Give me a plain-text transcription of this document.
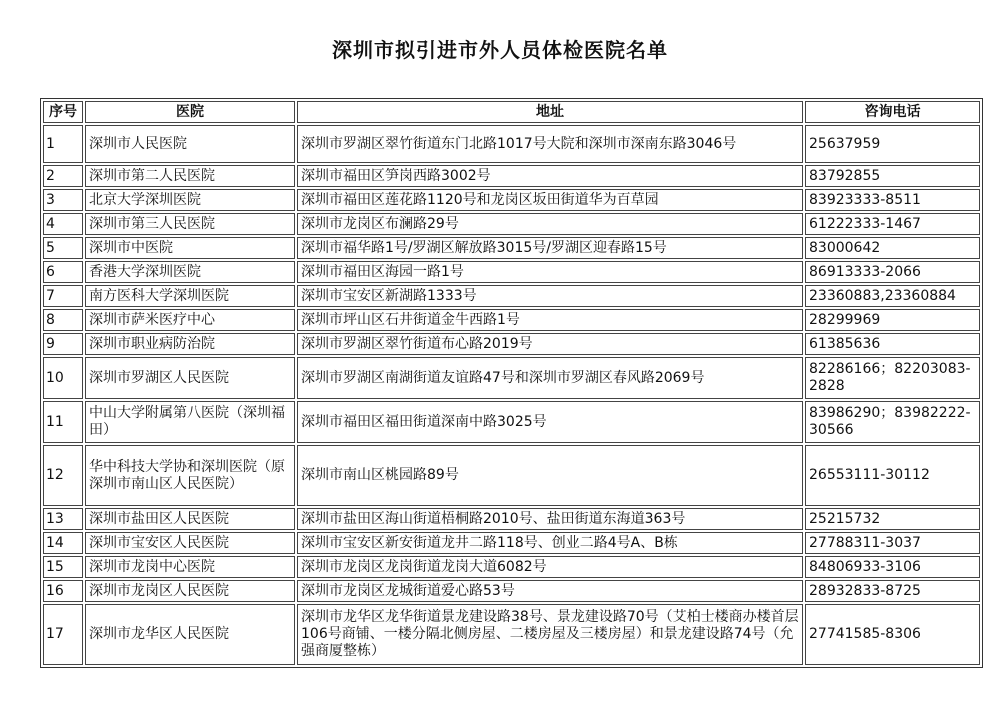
深圳市拟引进市外人员体检医院名单
序号	医院	地址	咨询电话
1	深圳市人民医院	深圳市罗湖区翠竹街道东门北路1017号大院和深圳市深南东路3046号	25637959
2	深圳市第二人民医院	深圳市福田区笋岗西路3002号	83792855
3	北京大学深圳医院	深圳市福田区莲花路1120号和龙岗区坂田街道华为百草园	83923333-8511
4	深圳市第三人民医院	深圳市龙岗区布澜路29号	61222333-1467
5	深圳市中医院	深圳市福华路1号/罗湖区解放路3015号/罗湖区迎春路15号	83000642
6	香港大学深圳医院	深圳市福田区海园一路1号	86913333-2066
7	南方医科大学深圳医院	深圳市宝安区新湖路1333号	23360883,23360884
8	深圳市萨米医疗中心	深圳市坪山区石井街道金牛西路1号	28299969
9	深圳市职业病防治院	深圳市罗湖区翠竹街道布心路2019号	61385636
10	深圳市罗湖区人民医院	深圳市罗湖区南湖街道友谊路47号和深圳市罗湖区春风路2069号	82286166；82203083-2828
11	中山大学附属第八医院（深圳福田）	深圳市福田区福田街道深南中路3025号	83986290；83982222-30566
12	华中科技大学协和深圳医院（原深圳市南山区人民医院）	深圳市南山区桃园路89号	26553111-30112
13	深圳市盐田区人民医院	深圳市盐田区海山街道梧桐路2010号、盐田街道东海道363号	25215732
14	深圳市宝安区人民医院	深圳市宝安区新安街道龙井二路118号、创业二路4号A、B栋	27788311-3037
15	深圳市龙岗中心医院	深圳市龙岗区龙岗街道龙岗大道6082号	84806933-3106
16	深圳市龙岗区人民医院	深圳市龙岗区龙城街道爱心路53号	28932833-8725
17	深圳市龙华区人民医院	深圳市龙华区龙华街道景龙建设路38号、景龙建设路70号（艾柏士楼商办楼首层106号商铺、一楼分隔北侧房屋、二楼房屋及三楼房屋）和景龙建设路74号（允强商厦整栋）	27741585-8306
